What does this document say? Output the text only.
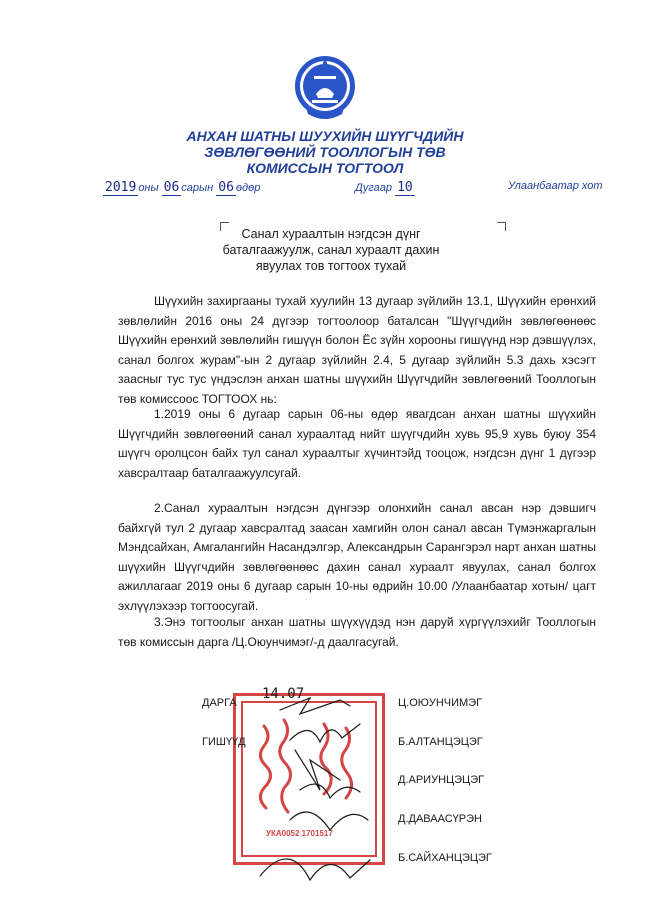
АНХАН ШАТНЫ ШУУХИЙН ШҮҮГЧДИЙН
ЗӨВЛӨГӨӨНИЙ ТООЛЛОГЫН ТӨВ
КОМИССЫН ТОГТООЛ
2019 оны 06 сарын 06 өдөр	Дугаар 10	Улаанбаатар хот
Санал хураалтын нэгдсэн дүнг
баталгаажуулж, санал хураалт дахин
явуулах тов тогтоох тухай
Шүүхийн захиргааны тухай хуулийн 13 дугаар зүйлийн 13.1, Шүүхийн ерөнхий зөвлөлийн 2016 оны 24 дүгээр тогтоолоор баталсан "Шүүгчдийн зөвлөгөөнөөс Шүүхийн ерөнхий зөвлөлийн гишүүн болон Ёс зүйн хорооны гишүүнд нэр дэвшүүлэх, санал болгох журам"-ын 2 дугаар зүйлийн 2.4, 5 дугаар зүйлийн 5.3 дахь хэсэгт заасныг тус тус үндэслэн анхан шатны шүүхийн Шүүгчдийн зөвлөгөөний Тооллогын төв комиссоос ТОГТООХ нь:
1.2019 оны 6 дугаар сарын 06-ны өдөр явагдсан анхан шатны шүүхийн Шүүгчдийн зөвлөгөөний санал хураалтад нийт шүүгчдийн хувь 95,9 хувь буюу 354 шүүгч оролцсон байх тул санал хураалтыг хүчинтэйд тооцож, нэгдсэн дүнг 1 дүгээр хавсралтаар баталгаажуулсугай.
2.Санал хураалтын нэгдсэн дүнгээр олонхийн санал авсан нэр дэвшигч байхгүй тул 2 дугаар хавсралтад заасан хамгийн олон санал авсан Түмэнжаргалын Мэндсайхан, Амгалангийн Насандэлгэр, Александрын Сарангэрэл нарт анхан шатны шүүхийн Шүүгчдийн зөвлөгөөнөөс дахин санал хураалт явуулах, санал болгох ажиллагааг 2019 оны 6 дугаар сарын 10-ны өдрийн 10.00 /Улаанбаатар хотын/ цагт эхлүүлэхээр тогтоосугай.
3.Энэ тогтоолыг анхан шатны шүүхүүдэд нэн даруй хүргүүлэхийг Тооллогын төв комиссын дарга /Ц.Оюунчимэг/-д даалгасугай.
УКА0052 1701517
14.07
ДАРГА
ГИШҮҮД
Ц.ОЮУНЧИМЭГ
Б.АЛТАНЦЭЦЭГ
Д.АРИУНЦЭЦЭГ
Д.ДАВААСҮРЭН
Б.САЙХАНЦЭЦЭГ
